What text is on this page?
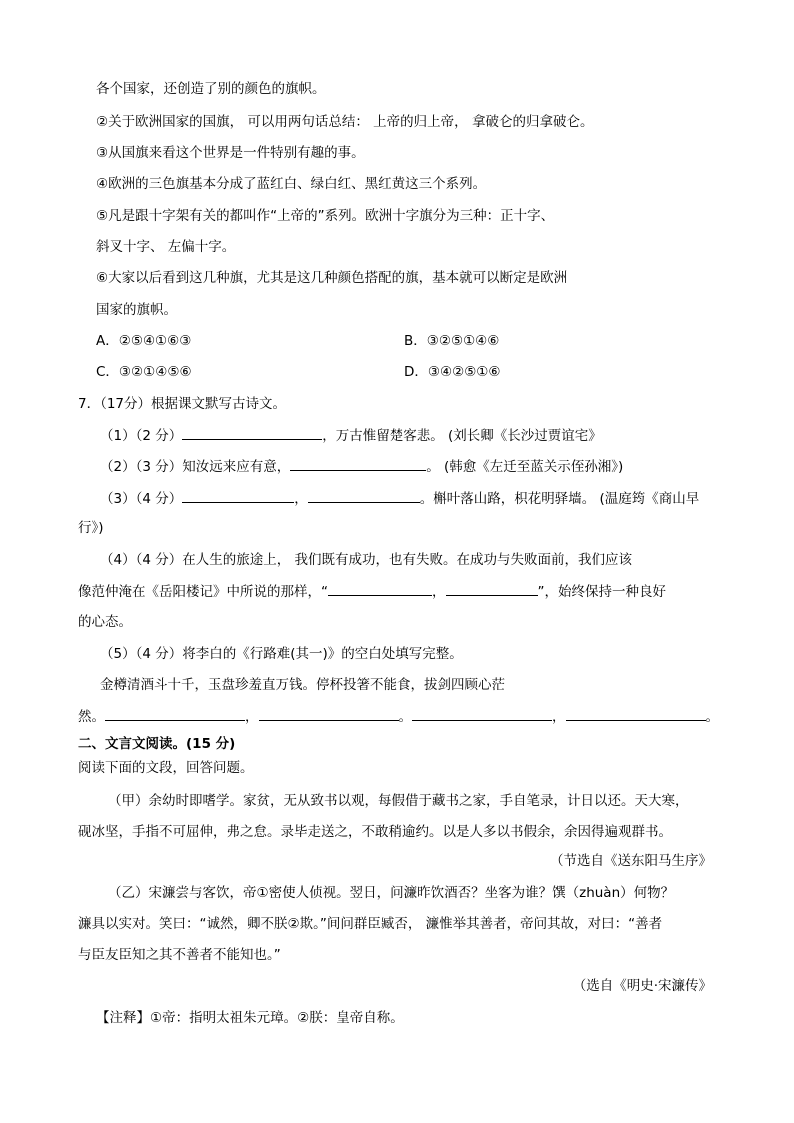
各个国家，还创造了别的颜色的旗帜。
②关于欧洲国家的国旗， 可以用两句话总结： 上帝的归上帝， 拿破仑的归拿破仑。
③从国旗来看这个世界是一件特别有趣的事。
④欧洲的三色旗基本分成了蓝红白、绿白红、黑红黄这三个系列。
⑤凡是跟十字架有关的都叫作“上帝的”系列。欧洲十字旗分为三种：正十字、
斜叉十字、 左偏十字。
⑥大家以后看到这几种旗，尤其是这几种颜色搭配的旗，基本就可以断定是欧洲
国家的旗帜。
A．②⑤④①⑥③	B．③②⑤①④⑥
C．③②①④⑤⑥	D．③④②⑤①⑥
7．（17分）根据课文默写古诗文。
（1）（2 分）	，万古惟留楚客悲。 (刘长卿《长沙过贾谊宅》
（2）（3 分）知汝远来应有意，	。 (韩愈《左迁至蓝关示侄孙湘》)
（3）（4 分）	，	。槲叶落山路，枳花明驿墙。 (温庭筠《商山早
行》)
（4）（4 分）在人生的旅途上， 我们既有成功，也有失败。在成功与失败面前，我们应该
像范仲淹在《岳阳楼记》中所说的那样，“	，	”，始终保持一种良好
的心态。
（5）（4 分）将李白的《行路难(其一)》的空白处填写完整。
金樽清酒斗十千，玉盘珍羞直万钱。停杯投箸不能食，拔剑四顾心茫
然。	，	。	，	。
二、文言文阅读。(15 分)
阅读下面的文段，回答问题。
（甲）余幼时即嗜学。家贫，无从致书以观，每假借于藏书之家，手自笔录，计日以还。天大寒，
砚冰坚，手指不可屈伸，弗之怠。录毕走送之，不敢稍逾约。以是人多以书假余，余因得遍观群书。
（节选自《送东阳马生序》
（乙）宋濂尝与客饮，帝①密使人侦视。翌日，问濂昨饮酒否？坐客为谁？馔（zhuàn）何物？
濂具以实对。笑曰：“诚然，卿不朕②欺。”间问群臣臧否， 濂惟举其善者，帝问其故，对曰：“善者
与臣友臣知之其不善者不能知也。”
（选自《明史·宋濂传》
【注释】①帝：指明太祖朱元璋。②朕：皇帝自称。
